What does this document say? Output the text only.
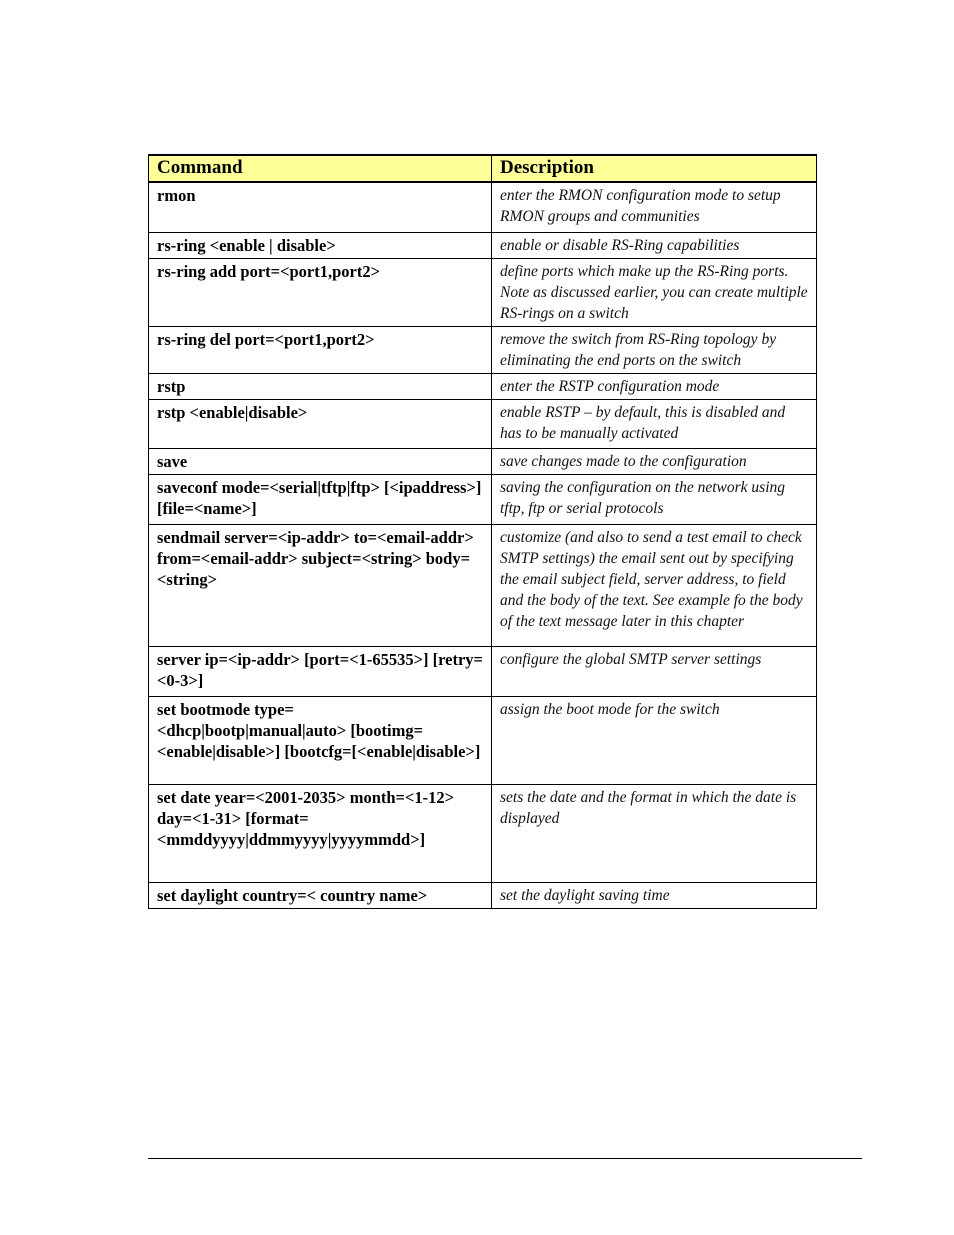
Command	Description
rmon	enter the RMON configuration mode to setup RMON groups and communities
rs-ring <enable | disable>	enable or disable RS-Ring capabilities
rs-ring add port=<port1,port2>	define ports which make up the RS-Ring ports. Note as discussed earlier, you can create multiple RS-rings on a switch
rs-ring del port=<port1,port2>	remove the switch from RS-Ring topology by eliminating the end ports on the switch
rstp	enter the RSTP configuration mode
rstp <enable|disable>	enable RSTP – by default, this is disabled and has to be manually activated
save	save changes made to the configuration
saveconf mode=<serial|tftp|ftp> [<ipaddress>] [file=<name>]	saving the configuration on the network using tftp, ftp or serial protocols
sendmail server=<ip-addr> to=<email-addr> from=<email-addr> subject=<string> body=<string>	customize (and also to send a test email to check SMTP settings) the email sent out by specifying the email subject field, server address, to field and the body of the text. See example fo the body of the text message later in this chapter
server ip=<ip-addr> [port=<1-65535>] [retry=<0-3>]	configure the global SMTP server settings
set bootmode type=<dhcp|bootp|manual|auto> [bootimg=<enable|disable>] [bootcfg=[<enable|disable>]	assign the boot mode for the switch
set date year=<2001-2035> month=<1-12> day=<1-31> [format=<mmddyyyy|ddmmyyyy|yyyymmdd>]	sets the date and the format in which the date is displayed
set daylight country=< country name>	set the daylight saving time
